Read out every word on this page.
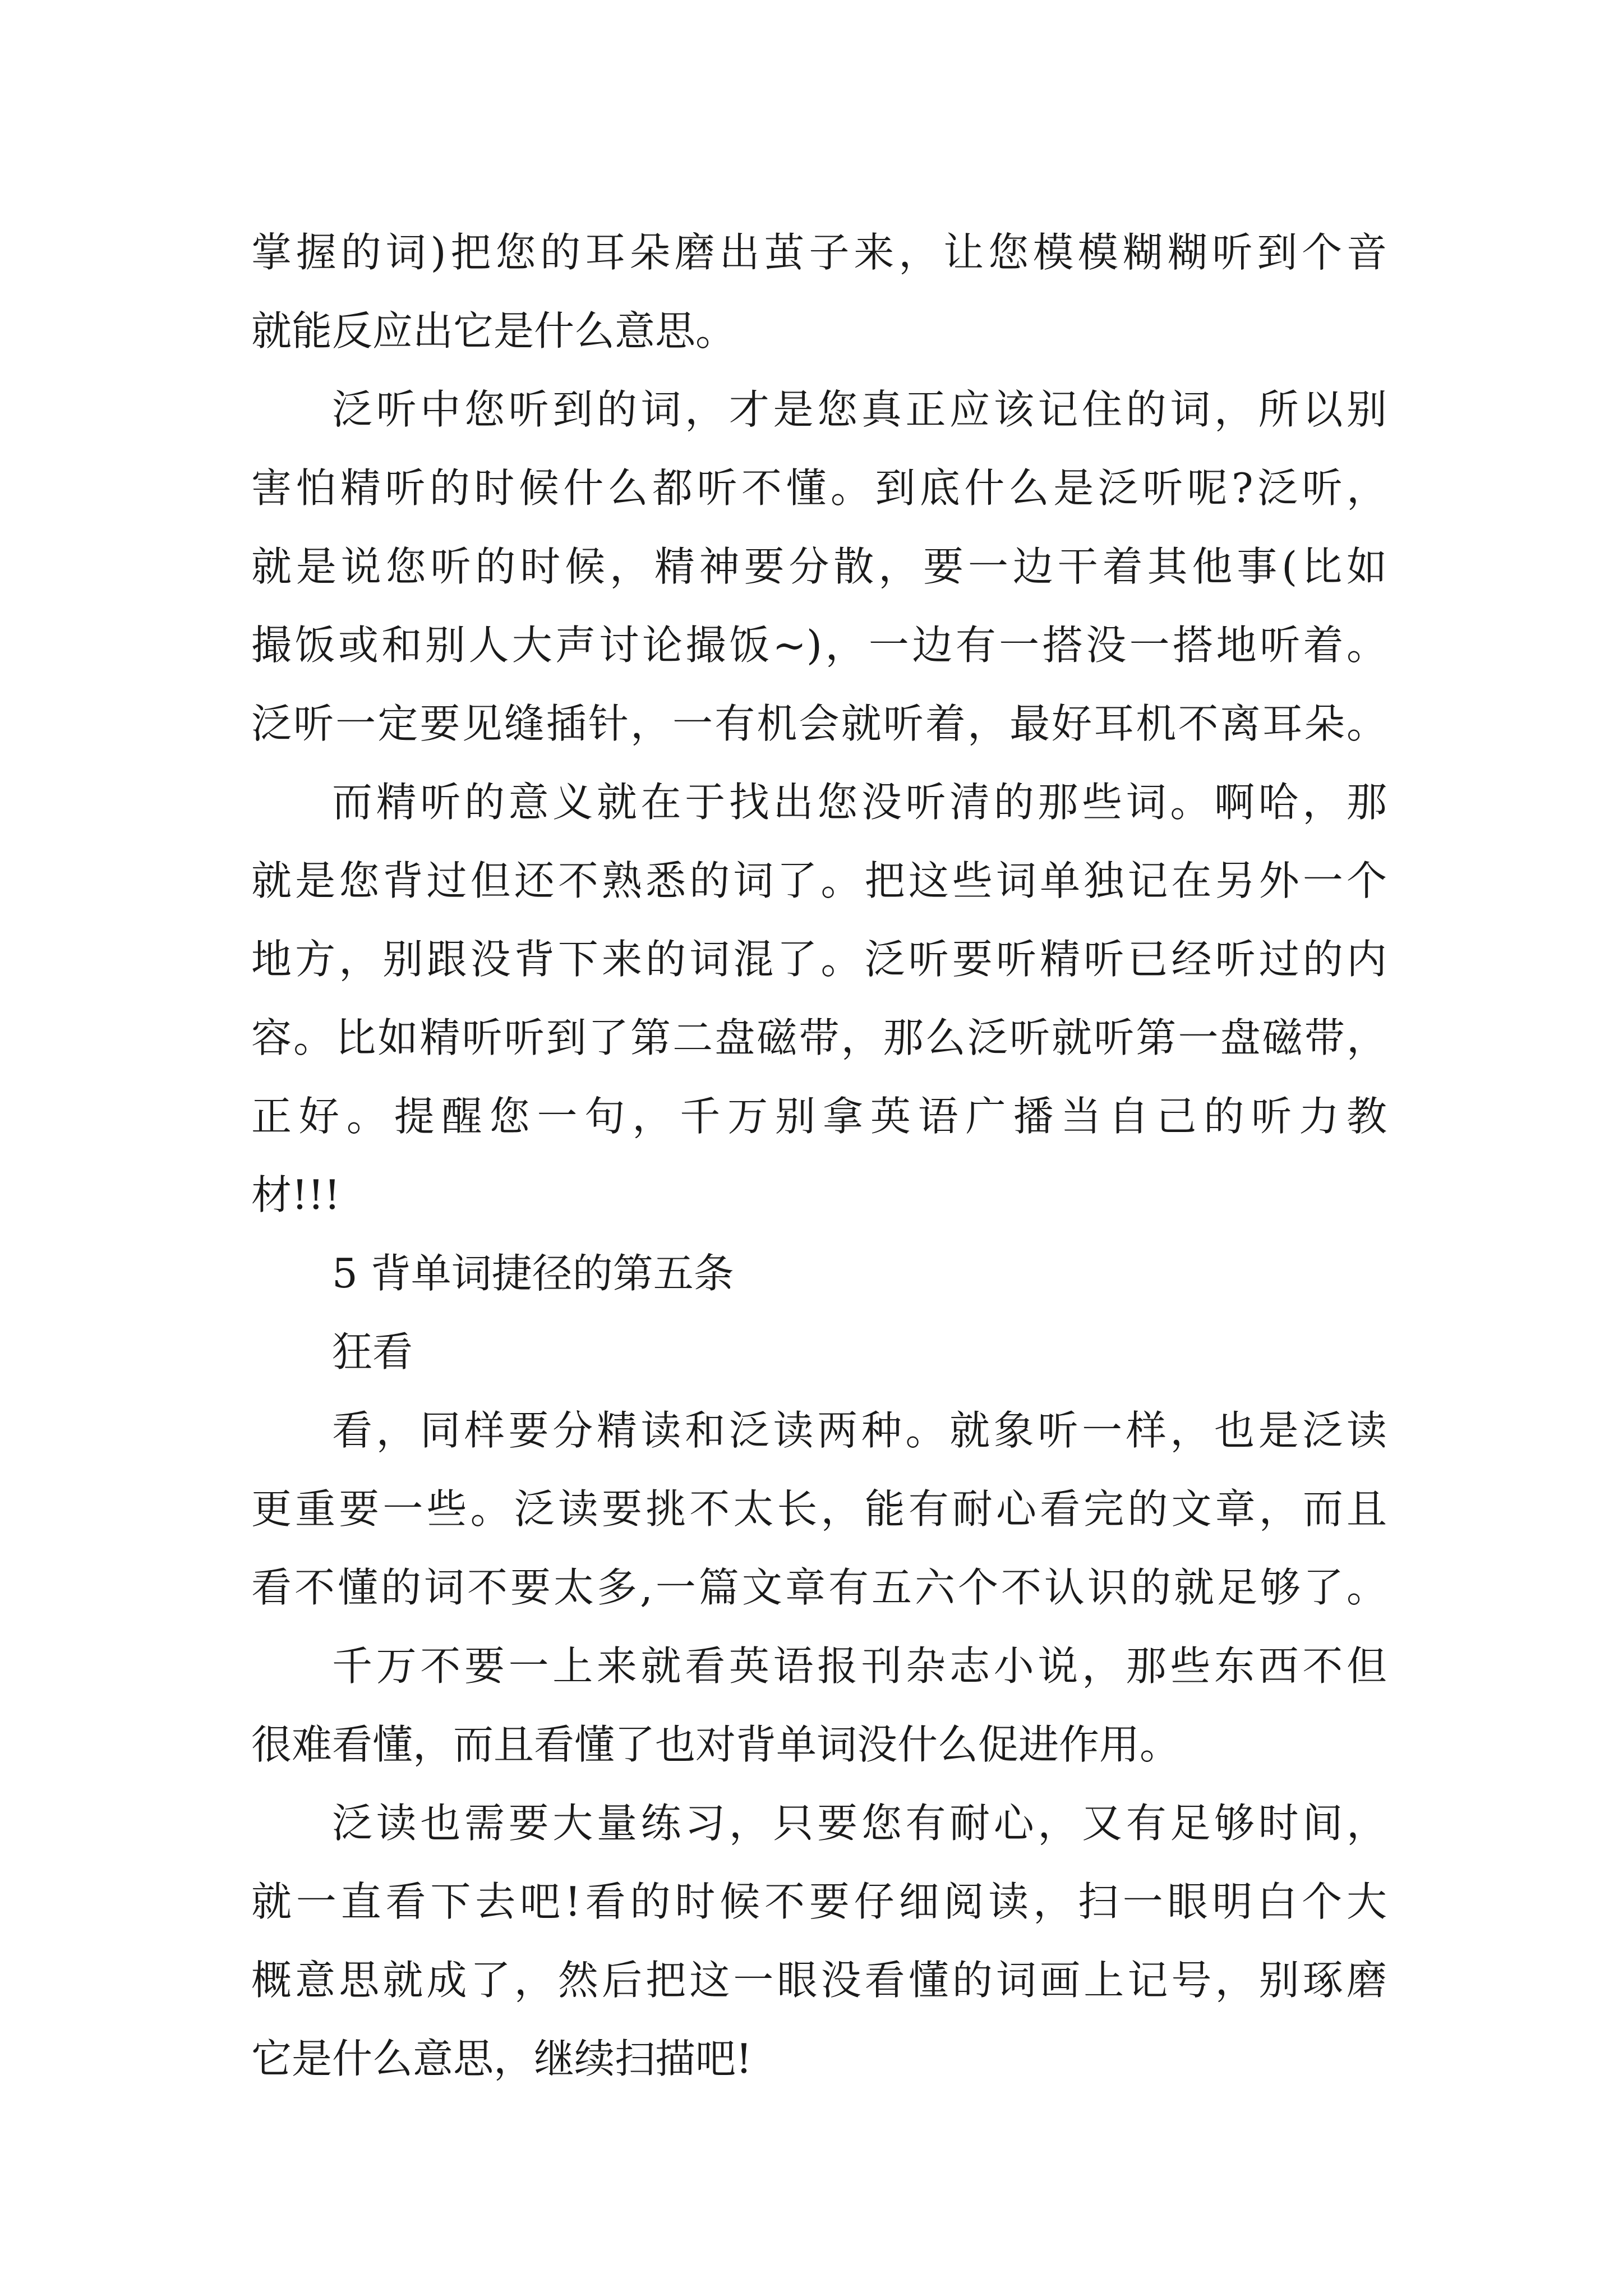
掌握的词)把您的耳朵磨出茧子来，让您模模糊糊听到个音
就能反应出它是什么意思。

泛听中您听到的词，才是您真正应该记住的词，所以别
害怕精听的时候什么都听不懂。到底什么是泛听呢?泛听，
就是说您听的时候，精神要分散，要一边干着其他事(比如
撮饭或和别人大声讨论撮饭~)，一边有一搭没一搭地听着。
泛听一定要见缝插针，一有机会就听着，最好耳机不离耳朵。

而精听的意义就在于找出您没听清的那些词。啊哈，那
就是您背过但还不熟悉的词了。把这些词单独记在另外一个
地方，别跟没背下来的词混了。泛听要听精听已经听过的内
容。比如精听听到了第二盘磁带，那么泛听就听第一盘磁带，
正好。提醒您一句，千万别拿英语广播当自己的听力教
材!!!

5 背单词捷径的第五条

狂看

看，同样要分精读和泛读两种。就象听一样，也是泛读
更重要一些。泛读要挑不太长，能有耐心看完的文章，而且
看不懂的词不要太多,一篇文章有五六个不认识的就足够了。

千万不要一上来就看英语报刊杂志小说，那些东西不但
很难看懂，而且看懂了也对背单词没什么促进作用。

泛读也需要大量练习，只要您有耐心，又有足够时间，
就一直看下去吧!看的时候不要仔细阅读，扫一眼明白个大
概意思就成了，然后把这一眼没看懂的词画上记号，别琢磨
它是什么意思，继续扫描吧!
